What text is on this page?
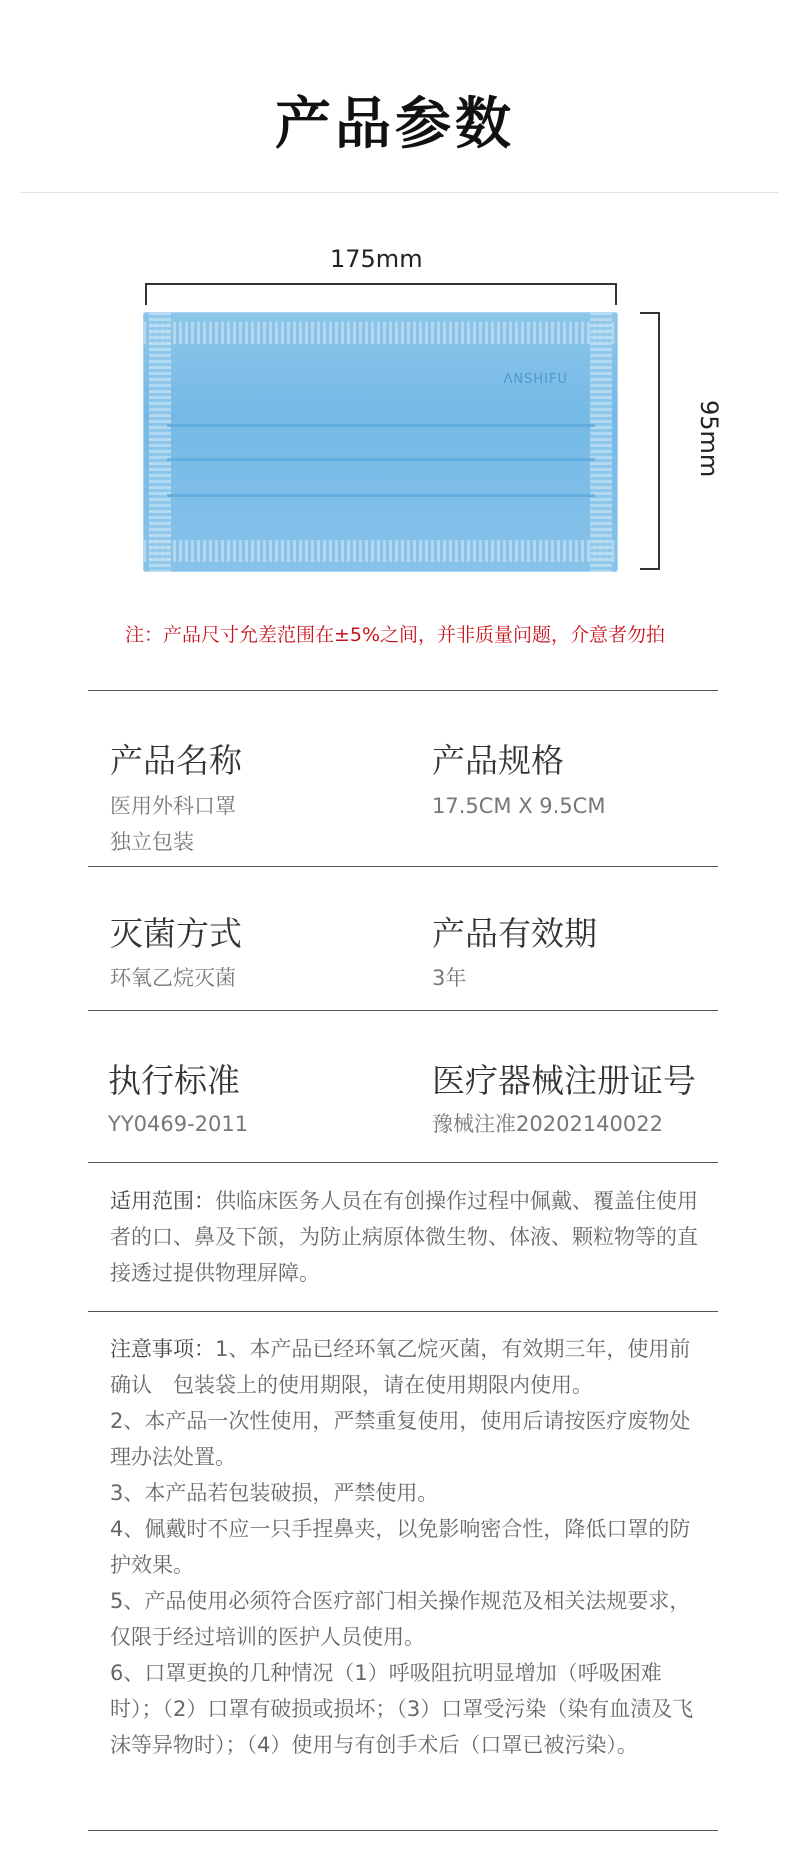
产品参数
175mm
ΛNSHIFU
95mm
注：产品尺寸允差范围在±5%之间，并非质量问题，介意者勿拍
产品名称
医用外科口罩
独立包装
产品规格
17.5CM X 9.5CM
灭菌方式
环氧乙烷灭菌
产品有效期
3年
执行标准
YY0469-2011
医疗器械注册证号
豫械注准20202140022
适用范围：供临床医务人员在有创操作过程中佩戴、覆盖住使用者的口、鼻及下颌，为防止病原体微生物、体液、颗粒物等的直接透过提供物理屏障。
注意事项：1、本产品已经环氧乙烷灭菌，有效期三年，使用前确认　包装袋上的使用期限，请在使用期限内使用。
2、本产品一次性使用，严禁重复使用，使用后请按医疗废物处理办法处置。
3、本产品若包装破损，严禁使用。
4、佩戴时不应一只手捏鼻夹，以免影响密合性，降低口罩的防护效果。
5、产品使用必须符合医疗部门相关操作规范及相关法规要求，仅限于经过培训的医护人员使用。
6、口罩更换的几种情况（1）呼吸阻抗明显增加（呼吸困难时）；（2）口罩有破损或损坏；（3）口罩受污染（染有血渍及飞沫等异物时）；（4）使用与有创手术后（口罩已被污染）。
